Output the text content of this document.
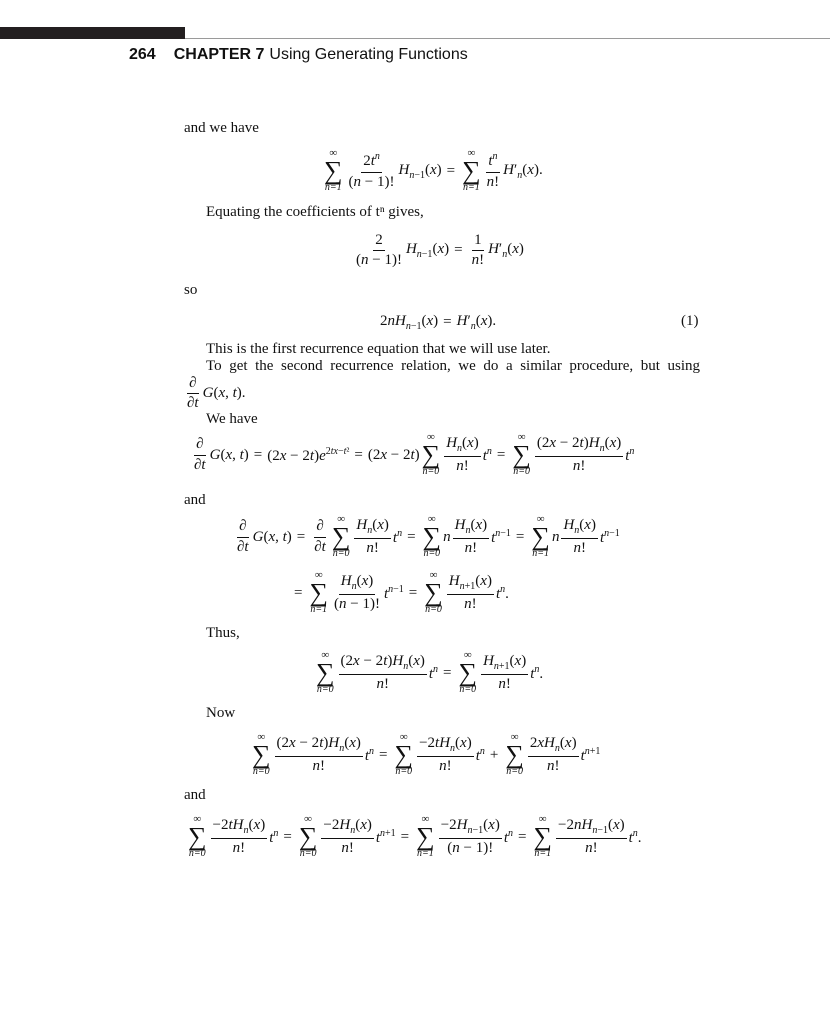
264 CHAPTER 7 Using Generating Functions
and we have
Equating the coefficients of tⁿ gives,
so
This is the first recurrence equation that we will use later.
To get the second recurrence relation, we do a similar procedure, but using
We have
and
Thus,
Now
and
∞
∑
$n=1 \frac{2t^n}{(n - 1)!} H_{n-1}(x)$ =
∞
∑
$n=1 \frac{t^n}{n!} H'_n(x)$.
$\frac{2}{(n - 1)!} H_{n-1}(x) = \frac{1}{n!} H'_n(x)$
$2nH_{n-1}(x) = H'_n(x)$.	(1)
$\frac{\partial}{\partial t} G(x$, t).
$\frac{\partial}{\partial t} G(x$, $t) = (2x - 2t)e^{2tx-t^2} = (2x - 2t)$
∞
∑
$n=0 \frac{H_n(x)}{n!} t^n$ =
∞
∑
$n=0 \frac{(2x - 2t)H_n(x)}{n!} t^n$
$\frac{\partial}{\partial t} G(x$, $t) = \frac{\partial}{\partial t}$ ∞
∑
$n=0 \frac{H_n(x)}{n!} t^n$ =
∞
∑
n=0
n $\frac{H_n(x)}{n!} t^{n-1}$ =
∞
∑
n=1
n $\frac{H_n(x)}{n!} t^{n-1}$
=
∞
∑
$n=1 \frac{H_n(x)}{(n - 1)!} t^{n-1}$ =
∞
∑
$n=0 \frac{H_{n+1}(x)}{n!} t^n$.
∞
∑
$n=0 \frac{(2x - 2t)H_n(x)}{n!} t^n$ =
∞
∑
$n=0 \frac{H_{n+1}(x)}{n!} t^n$.
∞
∑
$n=0 \frac{(2x - 2t)H_n(x)}{n!} t^n$ =
∞
∑
$n=0 \frac{-2tH_n(x)}{n!} t^n$ +
∞
∑
$n=0 \frac{2xH_n(x)}{n!} t^{n+1}$
∞
∑
$n=0 \frac{-2tH_n(x)}{n!} t^n$ =
∞
∑
$n=0 \frac{-2H_n(x)}{n!} t^{n+1}$ =
∞
∑
$n=1 \frac{-2H_{n-1}(x)}{(n - 1)!} t^n$ =
∞
∑
$n=1 \frac{-2nH_{n-1}(x)}{n!} t^n$.
